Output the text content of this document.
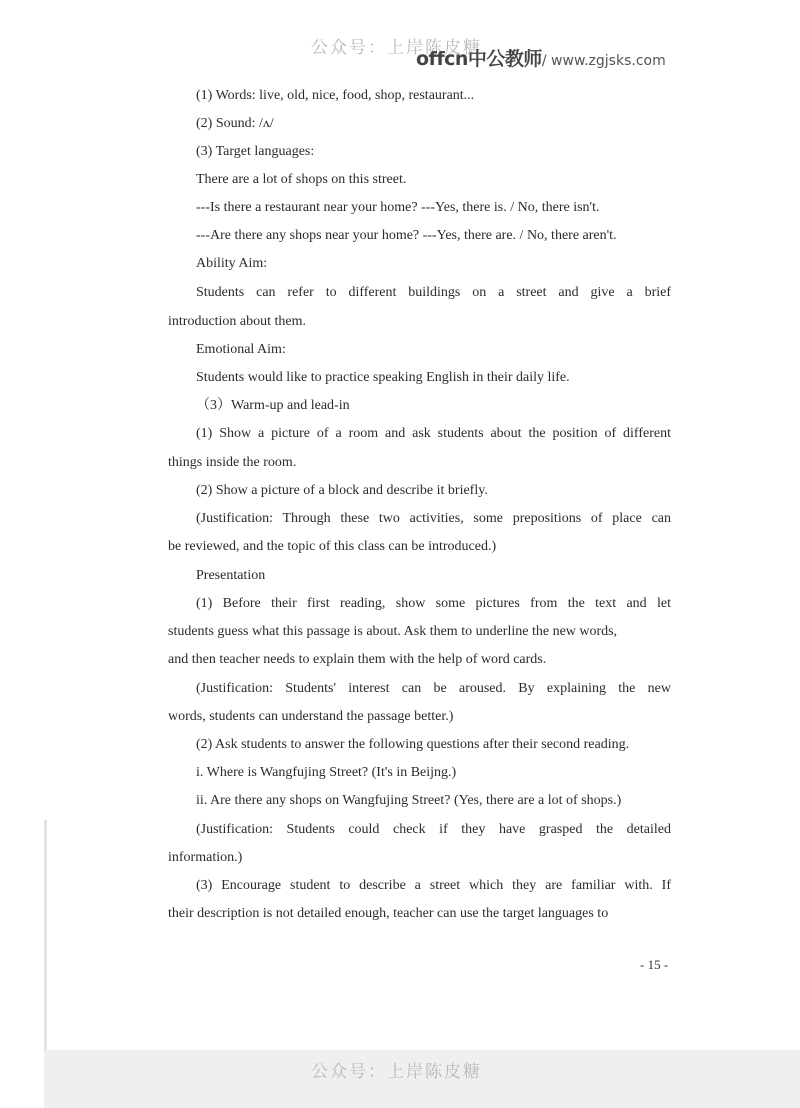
公众号：上岸陈皮糖
offcn中公教师/ www.zgjsks.com
(1) Words: live, old, nice, food, shop, restaurant...
(2) Sound: /ʌ/
(3) Target languages:
There are a lot of shops on this street.
---Is there a restaurant near your home? ---Yes, there is. / No, there isn't.
---Are there any shops near your home? ---Yes, there are. / No, there aren't.
Ability Aim:
Students can refer to different buildings on a street and give a brief
introduction about them.
Emotional Aim:
Students would like to practice speaking English in their daily life.
（3）Warm-up and lead-in
(1) Show a picture of a room and ask students about the position of different
things inside the room.
(2) Show a picture of a block and describe it briefly.
(Justification: Through these two activities, some prepositions of place can
be reviewed, and the topic of this class can be introduced.)
Presentation
(1) Before their first reading, show some pictures from the text and let
students guess what this passage is about. Ask them to underline the new words,
and then teacher needs to explain them with the help of word cards.
(Justification: Students' interest can be aroused. By explaining the new
words, students can understand the passage better.)
(2) Ask students to answer the following questions after their second reading.
i. Where is Wangfujing Street? (It's in Beijng.)
ii. Are there any shops on Wangfujing Street? (Yes, there are a lot of shops.)
(Justification: Students could check if they have grasped the detailed
information.)
(3) Encourage student to describe a street which they are familiar with. If
their description is not detailed enough, teacher can use the target languages to
- 15 -
公众号：上岸陈皮糖
